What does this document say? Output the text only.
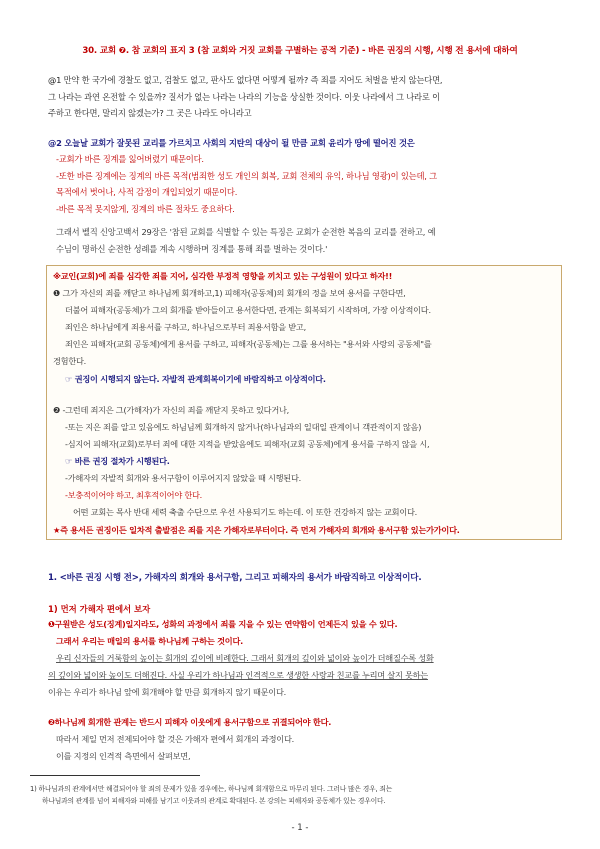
30. 교회 ❼. 참 교회의 표지 3 (참 교회와 거짓 교회를 구별하는 공적 기준) - 바른 권징의 시행, 시행 전 용서에 대하여
@1 만약 한 국가에 경찰도 없고, 검찰도 없고, 판사도 없다면 어떻게 될까? 즉 죄를 지어도 처벌을 받지 않는다면,
그 나라는 과연 온전할 수 있을까? 질서가 없는 나라는 나라의 기능을 상실한 것이다. 이웃 나라에서 그 나라로 이
주하고 한다면, 말리지 않겠는가? 그 곳은 나라도 아니라고
@2 오늘날 교회가 잘못된 교리를 가르치고 사회의 지탄의 대상이 될 만큼 교회 윤리가 땅에 떨어진 것은
-교회가 바른 징계를 잃어버렸기 때문이다.
-또한 바른 징계에는 징계의 바른 목적(범죄한 성도 개인의 회복, 교회 전체의 유익, 하나님 영광)이 있는데, 그
목적에서 벗어나, 사적 감정이 개입되었기 때문이다.
-바른 목적 못지않게, 징계의 바른 절차도 중요하다.
그래서 벨직 신앙고백서 29장은 '참된 교회를 식별할 수 있는 특징은 교회가 순전한 복음의 교리를 전하고, 예
수님이 명하신 순전한 성례를 계속 시행하며 징계를 통해 죄를 벌하는 것이다.'
※교인(교회)에 죄를 심각한 죄를 지어, 심각한 부정적 영향을 끼치고 있는 구성원이 있다고 하자!!
❶ 그가 자신의 죄를 깨닫고 하나님께 회개하고,1) 피해자(공동체)의 회개의 정을 보여 용서를 구한다면,
더불어 피해자(공동체)가 그의 회개를 받아들이고 용서한다면, 관계는 회복되기 시작하며, 가장 이상적이다.
죄인은 하나님에게 죄용서를 구하고, 하나님으로부터 죄용서함을 받고,
죄인은 피해자(교회 공동체)에게 용서를 구하고, 피해자(공동체)는 그를 용서하는 "용서와 사랑의 공동체"를
경험한다.
☞ 권징이 시행되지 않는다. 자발적 관계회복이기에 바람직하고 이상적이다.
❷ -그런데 죄지은 그(가해자)가 자신의 죄를 깨닫지 못하고 있다거나,
-또는 지은 죄를 알고 있음에도 하님님께 회개하지 않거나(하나님과의 일대일 관계이니 객관적이지 않음)
-심지어 피해자(교회)로부터 죄에 대한 지적을 받았음에도 피해자(교회 공동체)에게 용서를 구하지 않을 시,
☞ 바른 권징 절차가 시행된다.
-가해자의 자발적 회개와 용서구함이 이루어지지 않았을 때 시행된다.
-보충적이어야 하고, 최후적이어야 한다.
어떤 교회는 목사 반대 세력 축출 수단으로 우선 사용되기도 하는데. 이 또한 건강하지 않는 교회이다.
★즉 용서든 권징이든 일차적 출발점은 죄를 지은 가해자로부터이다. 즉 먼저 가해자의 회개와 용서구함 있는가가이다.
1. <바른 권징 시행 전>, 가해자의 회개와 용서구함, 그리고 피해자의 용서가 바람직하고 이상적이다.
1) 먼저 가해자 편에서 보자
❶구원받은 성도(징계)일지라도, 성화의 과정에서 죄를 지을 수 있는 연약함이 언제든지 있을 수 있다.
그래서 우리는 매일의 용서를 하나님께 구하는 것이다.
우리 신자들의 거룩함의 높이는 회개의 깊이에 비례한다. 그래서 회개의 깊이와 넓이와 높이가 더해질수록 성화
의 깊이와 넓이와 높이도 더해진다. 사실 우리가 하나님과 인격적으로 생생한 사랑과 친교를 누리며 살지 못하는
이유는 우리가 하나님 앞에 회개해야 할 만큼 회개하지 않기 때문이다.
❷하나님께 회개한 관계는 반드시 피해자 이웃에게 용서구함으로 귀결되어야 한다.
따라서 제일 먼저 전제되어야 할 것은 가해자 편에서 회개의 과정이다.
이를 지정의 인격적 측면에서 살펴보면,
1) 하나님과의 관계에서만 해결되어야 할 죄의 문제가 있을 경우에는, 하나님께 회개함으로 마무리 된다. 그러나 많은 경우, 죄는
하나님과의 관계를 넘어 피해자와 피해를 남기고 이웃과의 관계로 확대된다. 본 강의는 피해자와 공동체가 있는 경우이다.
- 1 -
